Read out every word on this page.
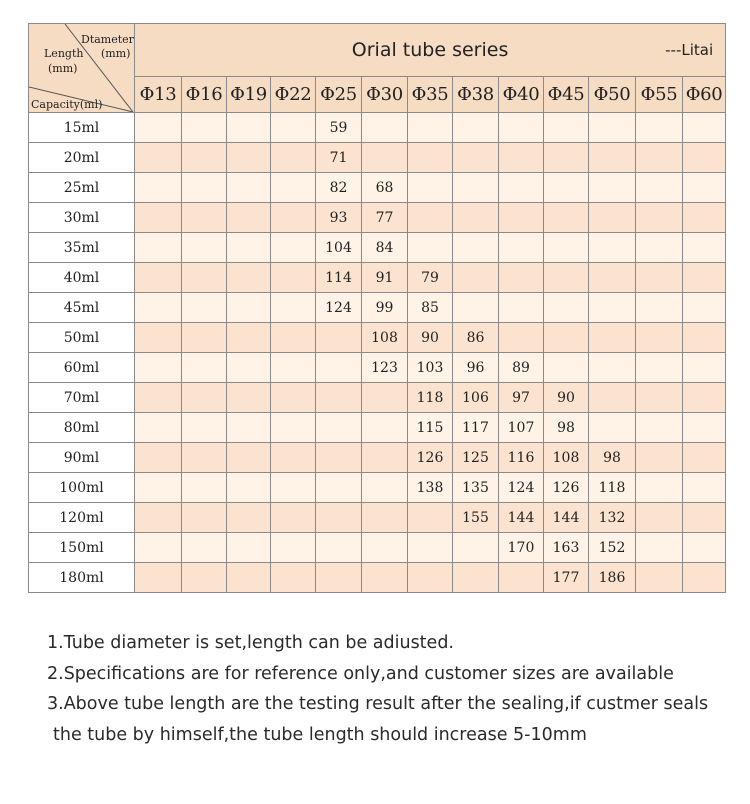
Dtameter
(mm)
Length
(mm)
Capacity(ml)	Orial tube series ---Litai												

	Φ13	Φ16	Φ19	Φ22	Φ25	Φ30	Φ35	Φ38	Φ40	Φ45	Φ50	Φ55	Φ60
15ml					59								
20ml					71								
25ml					82	68							
30ml					93	77							
35ml					104	84							
40ml					114	91	79						
45ml					124	99	85						
50ml						108	90	86					
60ml						123	103	96	89				
70ml							118	106	97	90			
80ml							115	117	107	98			
90ml							126	125	116	108	98		
100ml							138	135	124	126	118		
120ml								155	144	144	132		
150ml									170	163	152		
180ml										177	186		
1.Tube diameter is set,length can be adiusted.
2.Specifications are for reference only,and customer sizes are available
3.Above tube length are the testing result after the sealing,if custmer seals
the tube by himself,the tube length should increase 5-10mm
